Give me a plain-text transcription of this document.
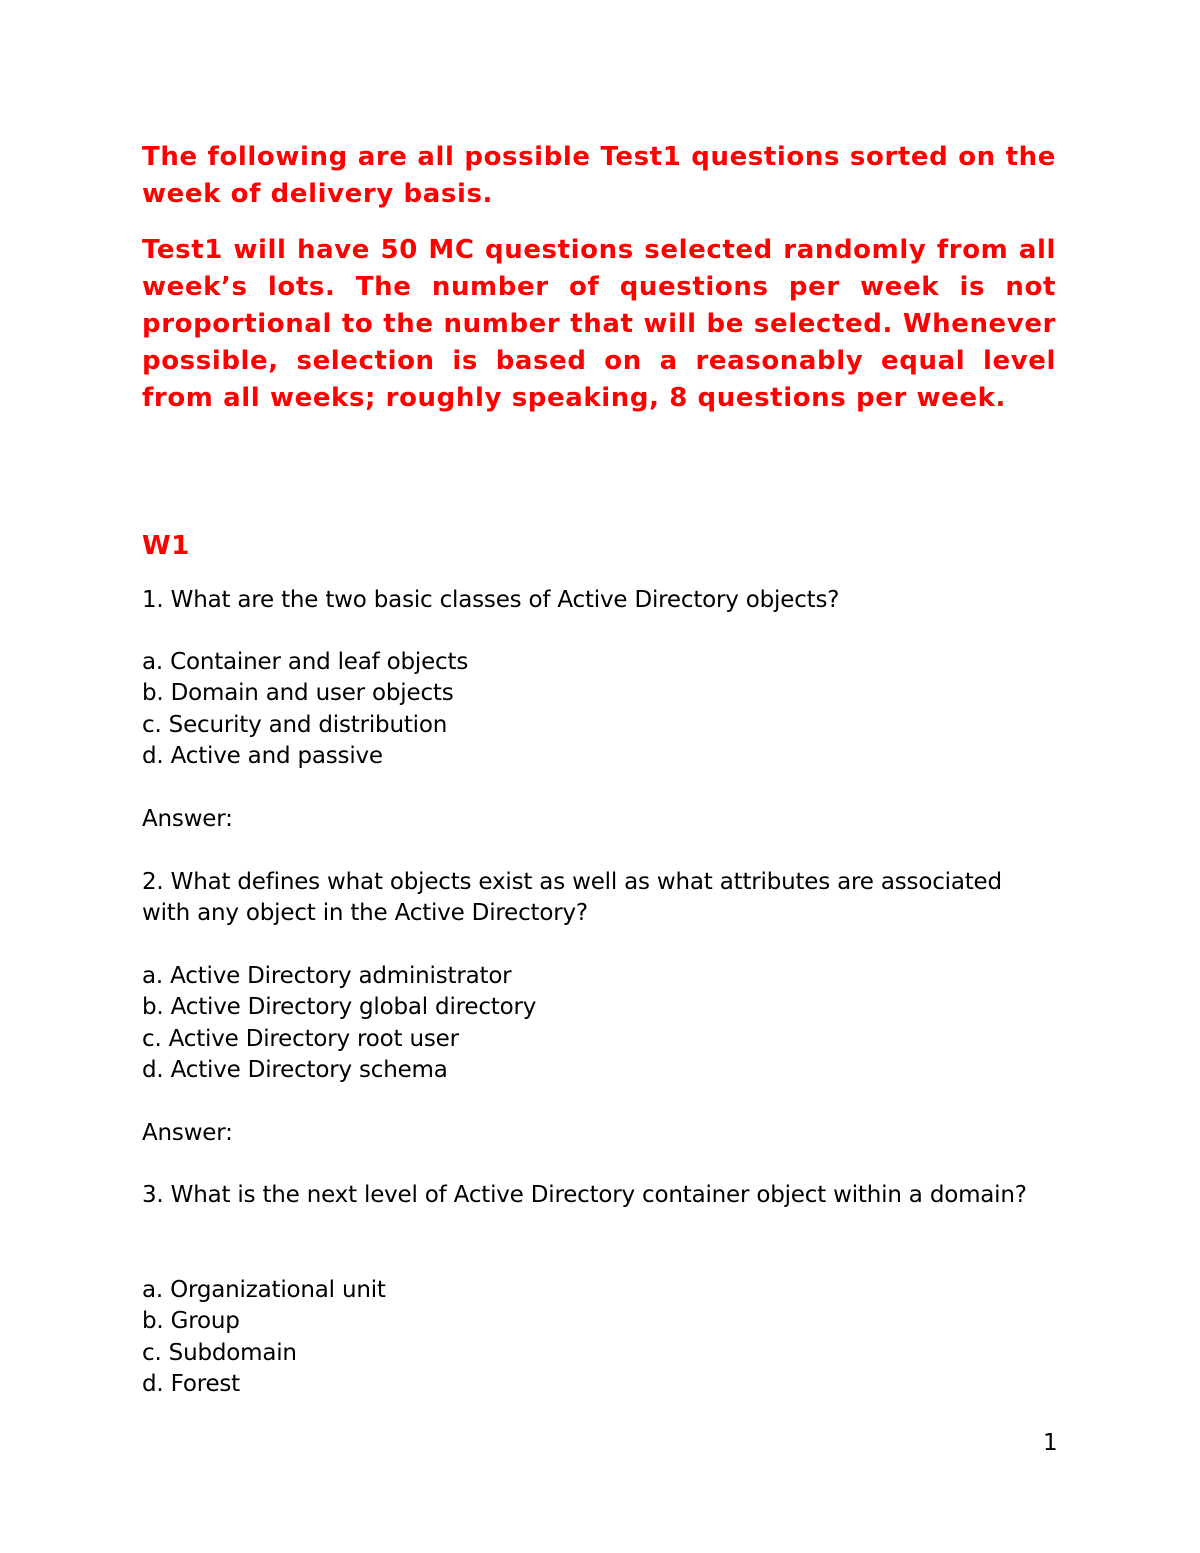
The following are all possible Test1 questions sorted on the week of delivery basis.

Test1 will have 50 MC questions selected randomly from all week’s lots. The number of questions per week is not proportional to the number that will be selected. Whenever possible, selection is based on a reasonably equal level from all weeks; roughly speaking, 8 questions per week.

W1

1. What are the two basic classes of Active Directory objects?

a. Container and leaf objects
b. Domain and user objects
c. Security and distribution
d. Active and passive

Answer:

2. What defines what objects exist as well as what attributes are associated with any object in the Active Directory?

a. Active Directory administrator
b. Active Directory global directory
c. Active Directory root user
d. Active Directory schema

Answer:

3. What is the next level of Active Directory container object within a domain?

a. Organizational unit
b. Group
c. Subdomain
d. Forest

1
